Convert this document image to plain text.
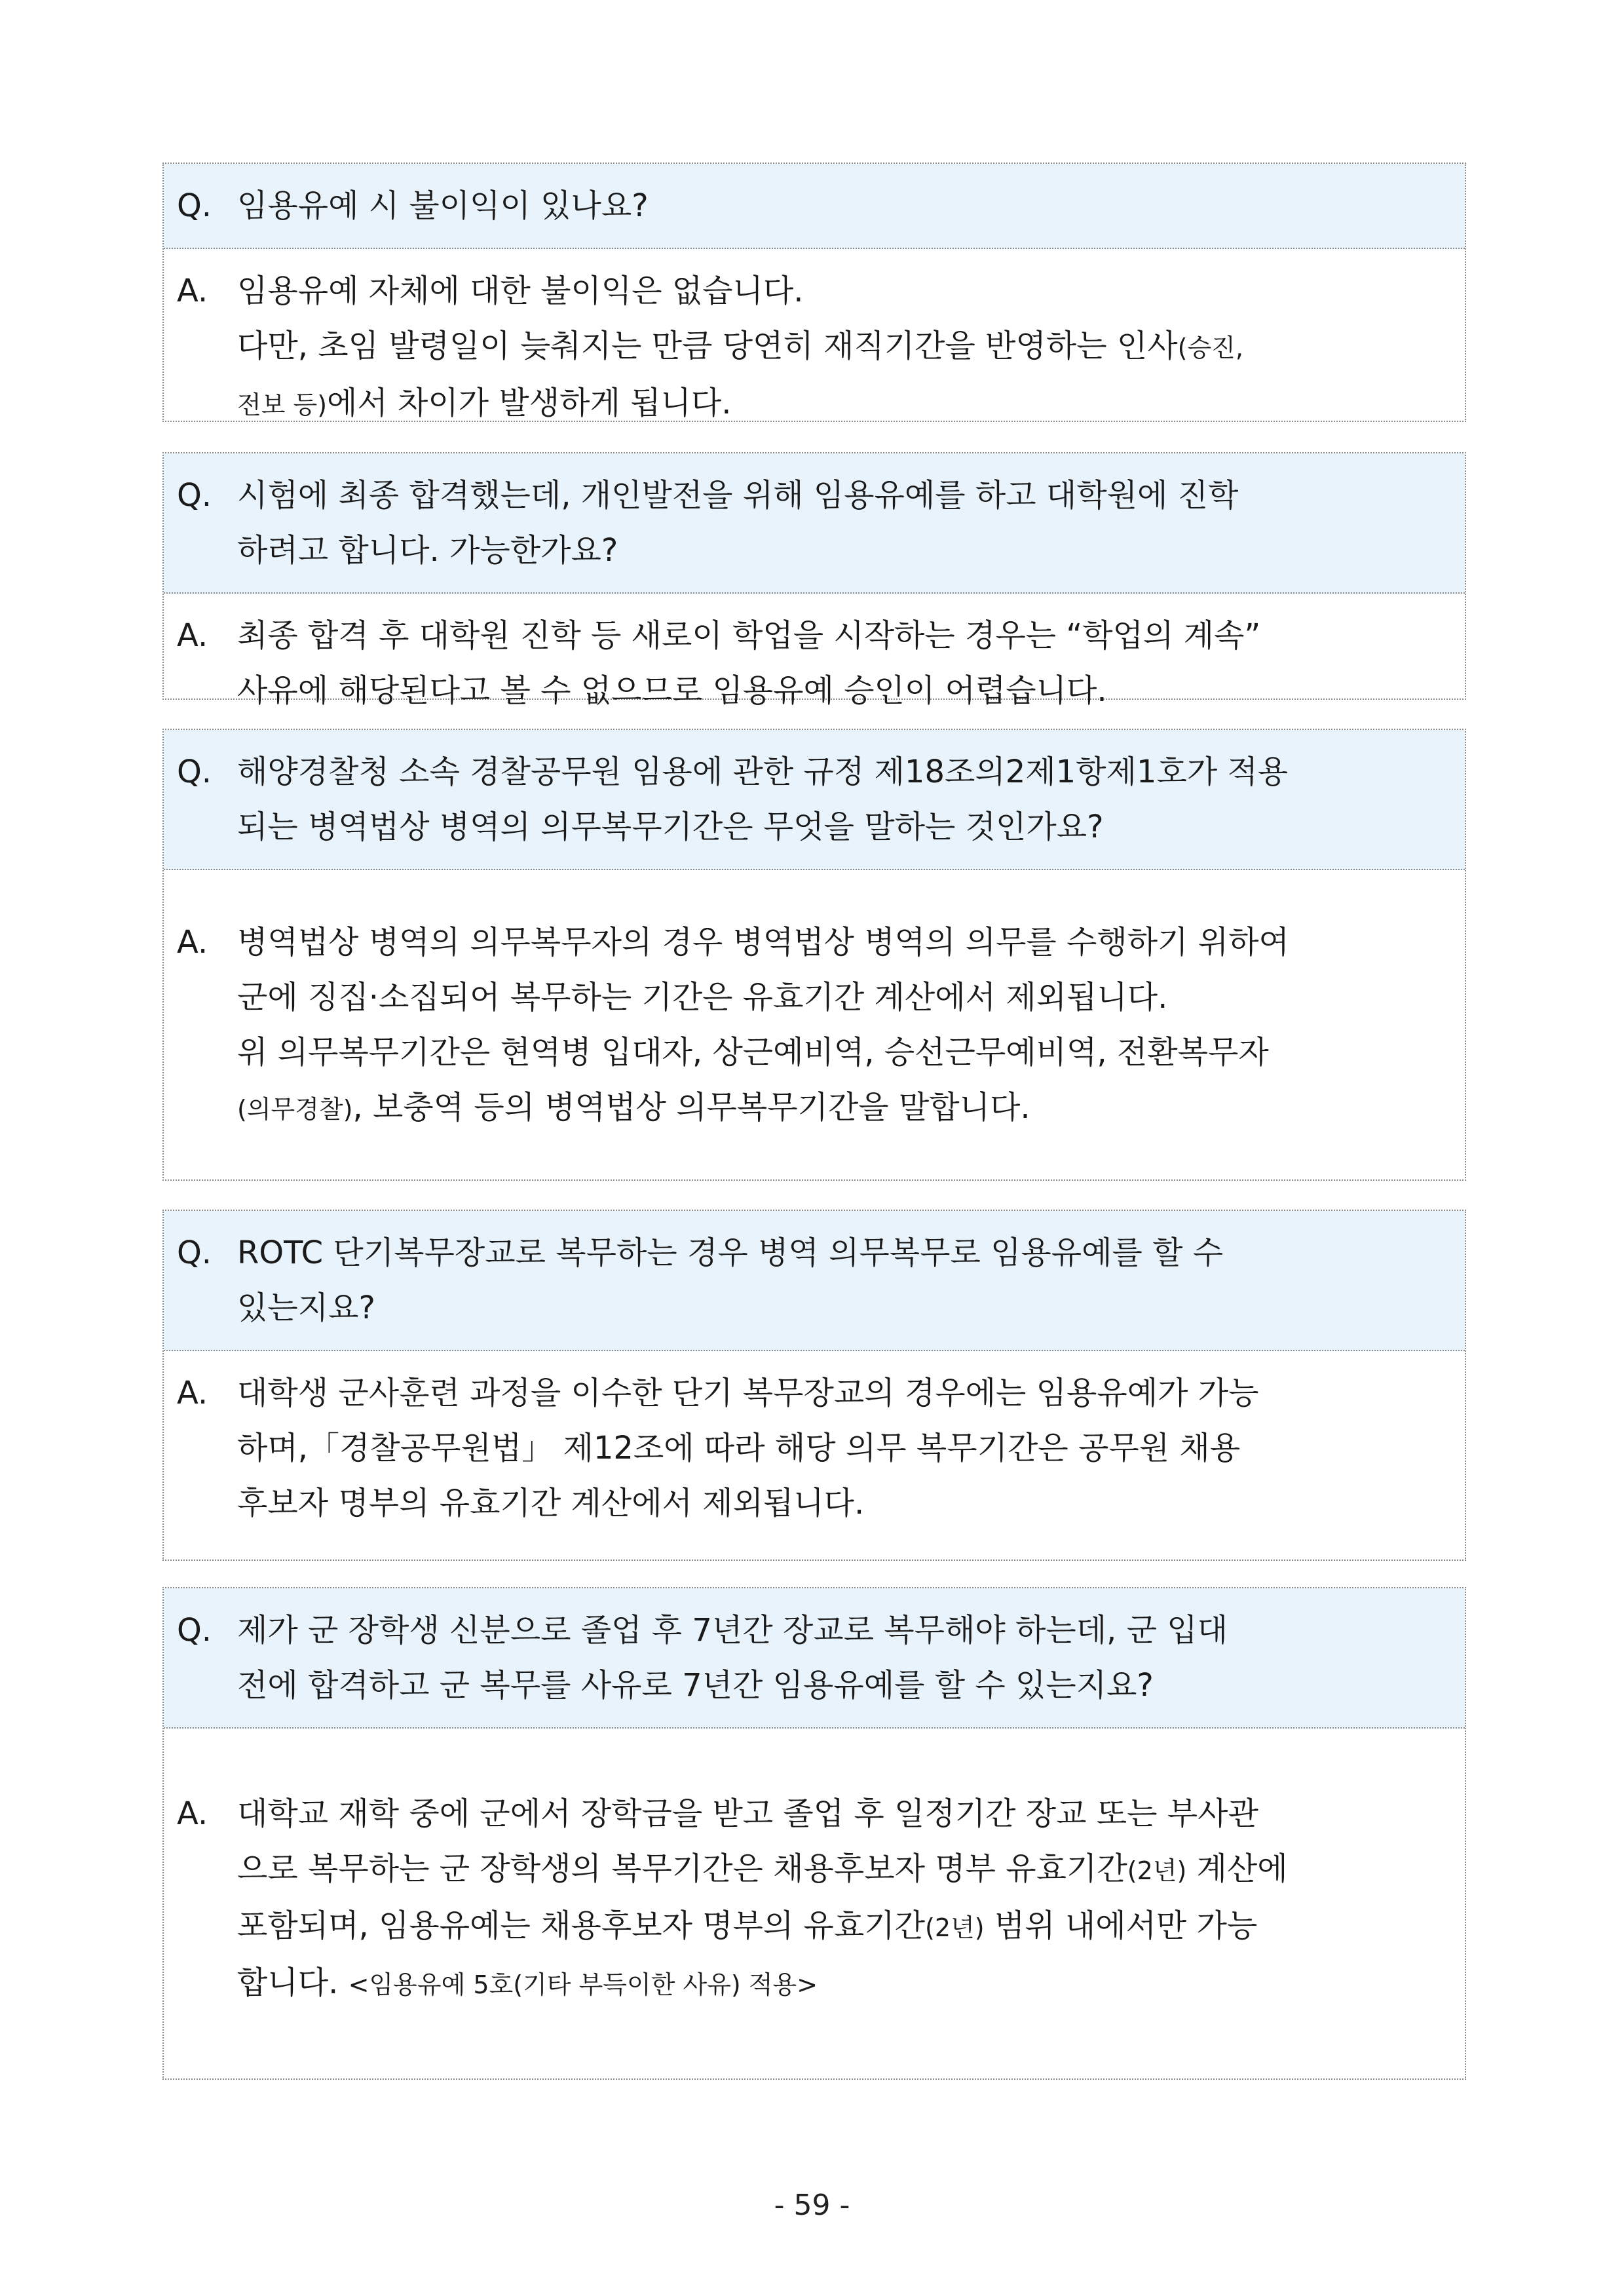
Q. 임용유예 시 불이익이 있나요?
A. 임용유예 자체에 대한 불이익은 없습니다.
다만, 초임 발령일이 늦춰지는 만큼 당연히 재직기간을 반영하는 인사(승진,
전보 등)에서 차이가 발생하게 됩니다.
Q. 시험에 최종 합격했는데, 개인발전을 위해 임용유예를 하고 대학원에 진학
하려고 합니다. 가능한가요?
A. 최종 합격 후 대학원 진학 등 새로이 학업을 시작하는 경우는 “학업의 계속”
사유에 해당된다고 볼 수 없으므로 임용유예 승인이 어렵습니다.
Q. 해양경찰청 소속 경찰공무원 임용에 관한 규정 제18조의2제1항제1호가 적용
되는 병역법상 병역의 의무복무기간은 무엇을 말하는 것인가요?
A. 병역법상 병역의 의무복무자의 경우 병역법상 병역의 의무를 수행하기 위하여
군에 징집·소집되어 복무하는 기간은 유효기간 계산에서 제외됩니다.
위 의무복무기간은 현역병 입대자, 상근예비역, 승선근무예비역, 전환복무자
(의무경찰), 보충역 등의 병역법상 의무복무기간을 말합니다.
Q. ROTC 단기복무장교로 복무하는 경우 병역 의무복무로 임용유예를 할 수
있는지요?
A. 대학생 군사훈련 과정을 이수한 단기 복무장교의 경우에는 임용유예가 가능
하며,「경찰공무원법」 제12조에 따라 해당 의무 복무기간은 공무원 채용
후보자 명부의 유효기간 계산에서 제외됩니다.
Q. 제가 군 장학생 신분으로 졸업 후 7년간 장교로 복무해야 하는데, 군 입대
전에 합격하고 군 복무를 사유로 7년간 임용유예를 할 수 있는지요?
A. 대학교 재학 중에 군에서 장학금을 받고 졸업 후 일정기간 장교 또는 부사관
으로 복무하는 군 장학생의 복무기간은 채용후보자 명부 유효기간(2년) 계산에
포함되며, 임용유예는 채용후보자 명부의 유효기간(2년) 범위 내에서만 가능
합니다. <임용유예 5호(기타 부득이한 사유) 적용>
- 59 -
